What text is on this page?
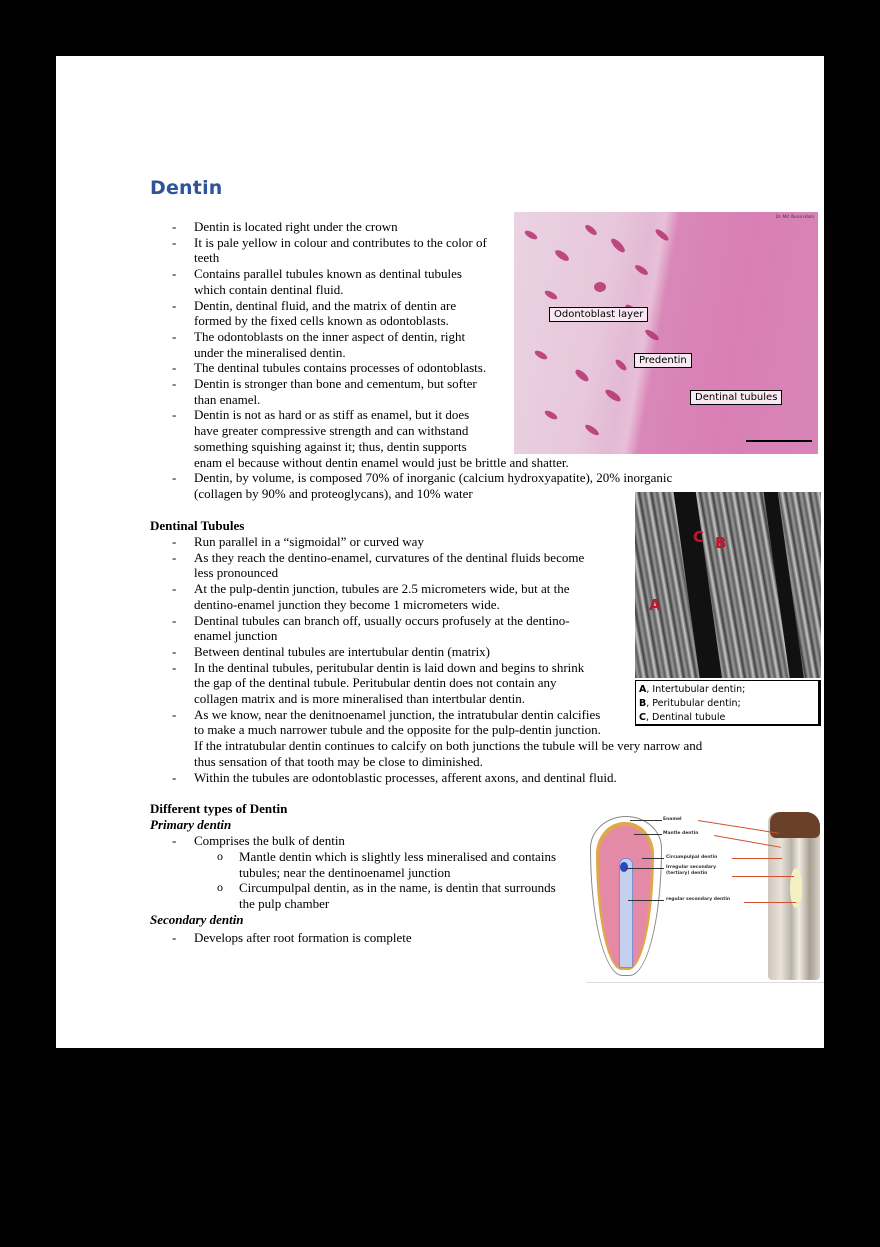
Dentin
- Dentin is located right under the crown
- It is pale yellow in colour and contributes to the color of
teeth
- Contains parallel tubules known as dentinal tubules
which contain dentinal fluid.
- Dentin, dentinal fluid, and the matrix of dentin are
formed by the fixed cells known as odontoblasts.
- The odontoblasts on the inner aspect of dentin, right
under the mineralised dentin.
- The dentinal tubules contains processes of odontoblasts.
- Dentin is stronger than bone and cementum, but softer
than enamel.
- Dentin is not as hard or as stiff as enamel, but it does
have greater compressive strength and can withstand
something squishing against it; thus, dentin supports
enam el because without dentin enamel would just be brittle and shatter.
- Dentin, by volume, is composed 70% of inorganic (calcium hydroxyapatite), 20% inorganic
(collagen by 90% and proteoglycans), and 10% water
Dentinal Tubules
- Run parallel in a “sigmoidal” or curved way
- As they reach the dentino-enamel, curvatures of the dentinal fluids become
less pronounced
- At the pulp-dentin junction, tubules are 2.5 micrometers wide, but at the
dentino-enamel junction they become 1 micrometers wide.
- Dentinal tubules can branch off, usually occurs profusely at the dentino-
enamel junction
- Between dentinal tubules are intertubular dentin (matrix)
- In the dentinal tubules, peritubular dentin is laid down and begins to shrink
the gap of the dentinal tubule. Peritubular dentin does not contain any
collagen matrix and is more mineralised than intertbular dentin.
- As we know, near the denitnoenamel junction, the intratubular dentin calcifies
to make a much narrower tubule and the opposite for the pulp-dentin junction.
If the intratubular dentin continues to calcify on both junctions the tubule will be very narrow and
thus sensation of that tooth may be close to diminished.
- Within the tubules are odontoblastic processes, afferent axons, and dentinal fluid.
Different types of Dentin
Primary dentin
- Comprises the bulk of dentin
o Mantle dentin which is slightly less mineralised and contains
tubules; near the dentinoenamel junction
o Circumpulpal dentin, as in the name, is dentin that surrounds
the pulp chamber
Secondary dentin
- Develops after root formation is complete
Dr. Md. Nurul Islam
Odontoblast layer
Predentin
Dentinal tubules
C B
A
A, Intertubular dentin;
B, Peritubular dentin;
C, Dentinal tubule
Enamel
Mantle dentin
Circumpulpal dentin
Irregular secondary
(tertiary) dentin
regular secondary dentin
